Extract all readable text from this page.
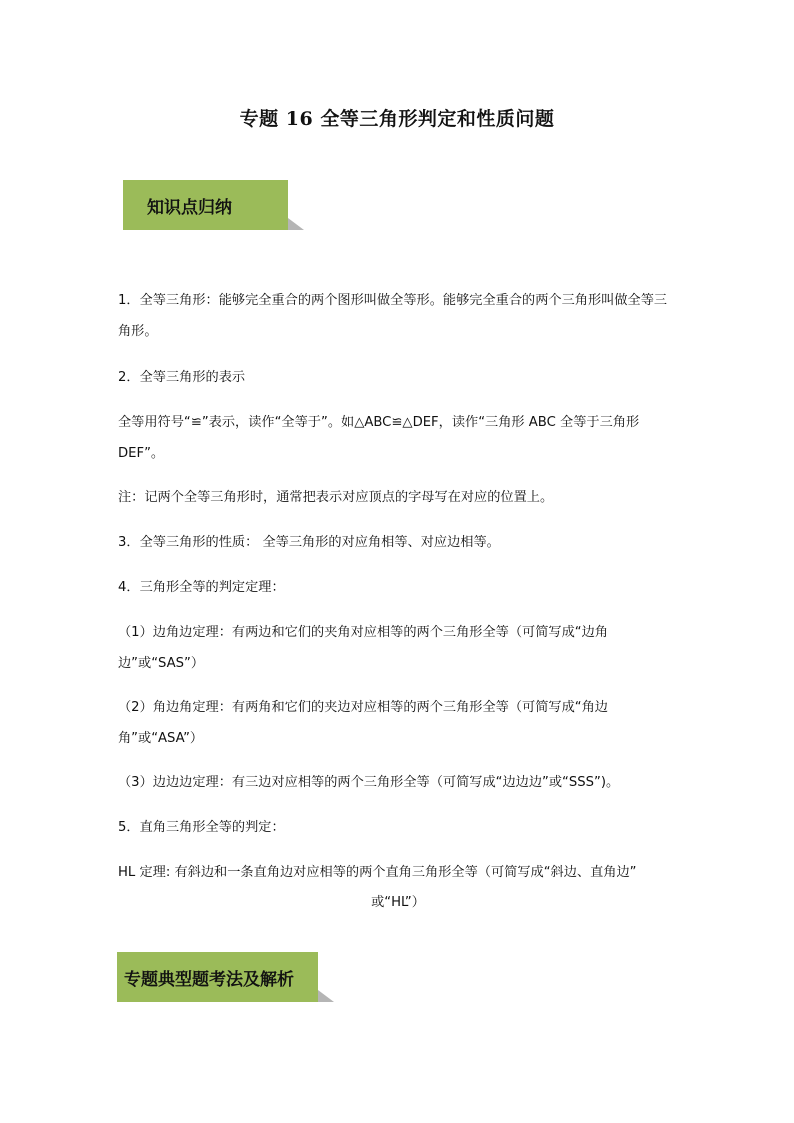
专题 16 全等三角形判定和性质问题
知识点归纳
1．全等三角形：能够完全重合的两个图形叫做全等形。能够完全重合的两个三角形叫做全等三角形。
2．全等三角形的表示
全等用符号“≌”表示，读作“全等于”。如△ABC≌△DEF，读作“三角形 ABC 全等于三角形 DEF”。
注：记两个全等三角形时，通常把表示对应顶点的字母写在对应的位置上。
3．全等三角形的性质： 全等三角形的对应角相等、对应边相等。
4．三角形全等的判定定理：
（1）边角边定理：有两边和它们的夹角对应相等的两个三角形全等（可简写成“边角边”或“SAS”）
（2）角边角定理：有两角和它们的夹边对应相等的两个三角形全等（可简写成“角边角”或“ASA”）
（3）边边边定理：有三边对应相等的两个三角形全等（可简写成“边边边”或“SSS”)。
5．直角三角形全等的判定：
HL 定理: 有斜边和一条直角边对应相等的两个直角三角形全等（可简写成“斜边、直角边”
或“HL”）
专题典型题考法及解析
